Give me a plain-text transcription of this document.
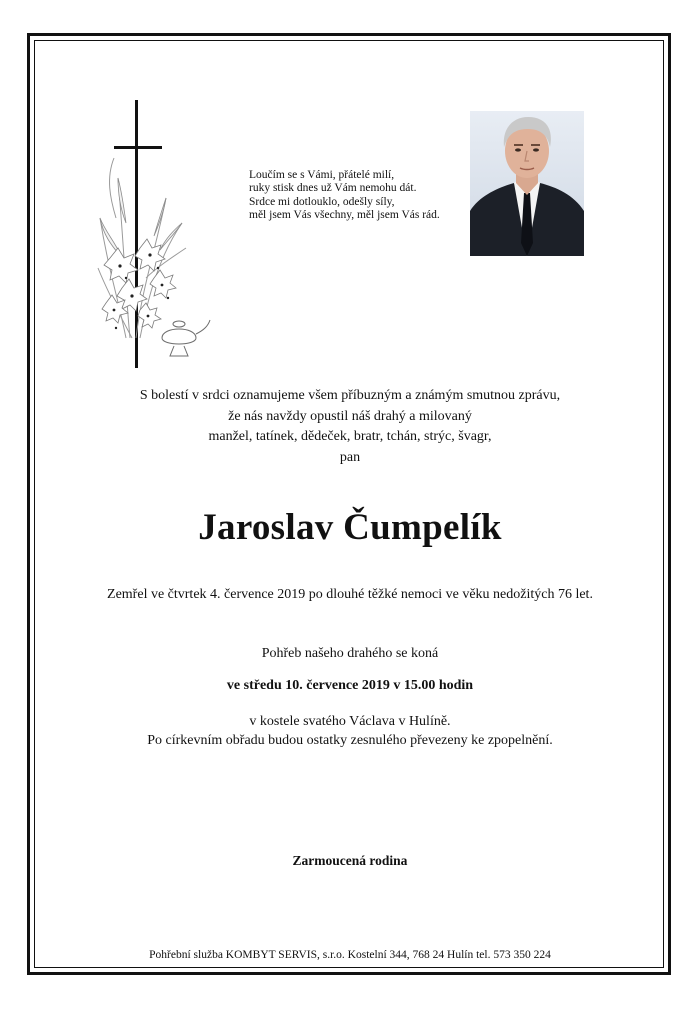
Loučím se s Vámi, přátelé milí,
ruky stisk dnes už Vám nemohu dát.
Srdce mi dotlouklo, odešly síly,
měl jsem Vás všechny, měl jsem Vás rád.
S bolestí v srdci oznamujeme všem příbuzným a známým smutnou zprávu,
že nás navždy opustil náš drahý a milovaný
manžel, tatínek, dědeček, bratr, tchán, strýc, švagr,
pan
Jaroslav Čumpelík
Zemřel ve čtvrtek 4. července 2019 po dlouhé těžké nemoci ve věku nedožitých 76 let.
Pohřeb našeho drahého se koná
ve středu 10. července 2019 v 15.00 hodin
v kostele svatého Václava v Hulíně.
Po církevním obřadu budou ostatky zesnulého převezeny ke zpopelnění.
Zarmoucená rodina
Pohřební služba KOMBYT SERVIS, s.r.o. Kostelní 344, 768 24 Hulín tel. 573 350 224
